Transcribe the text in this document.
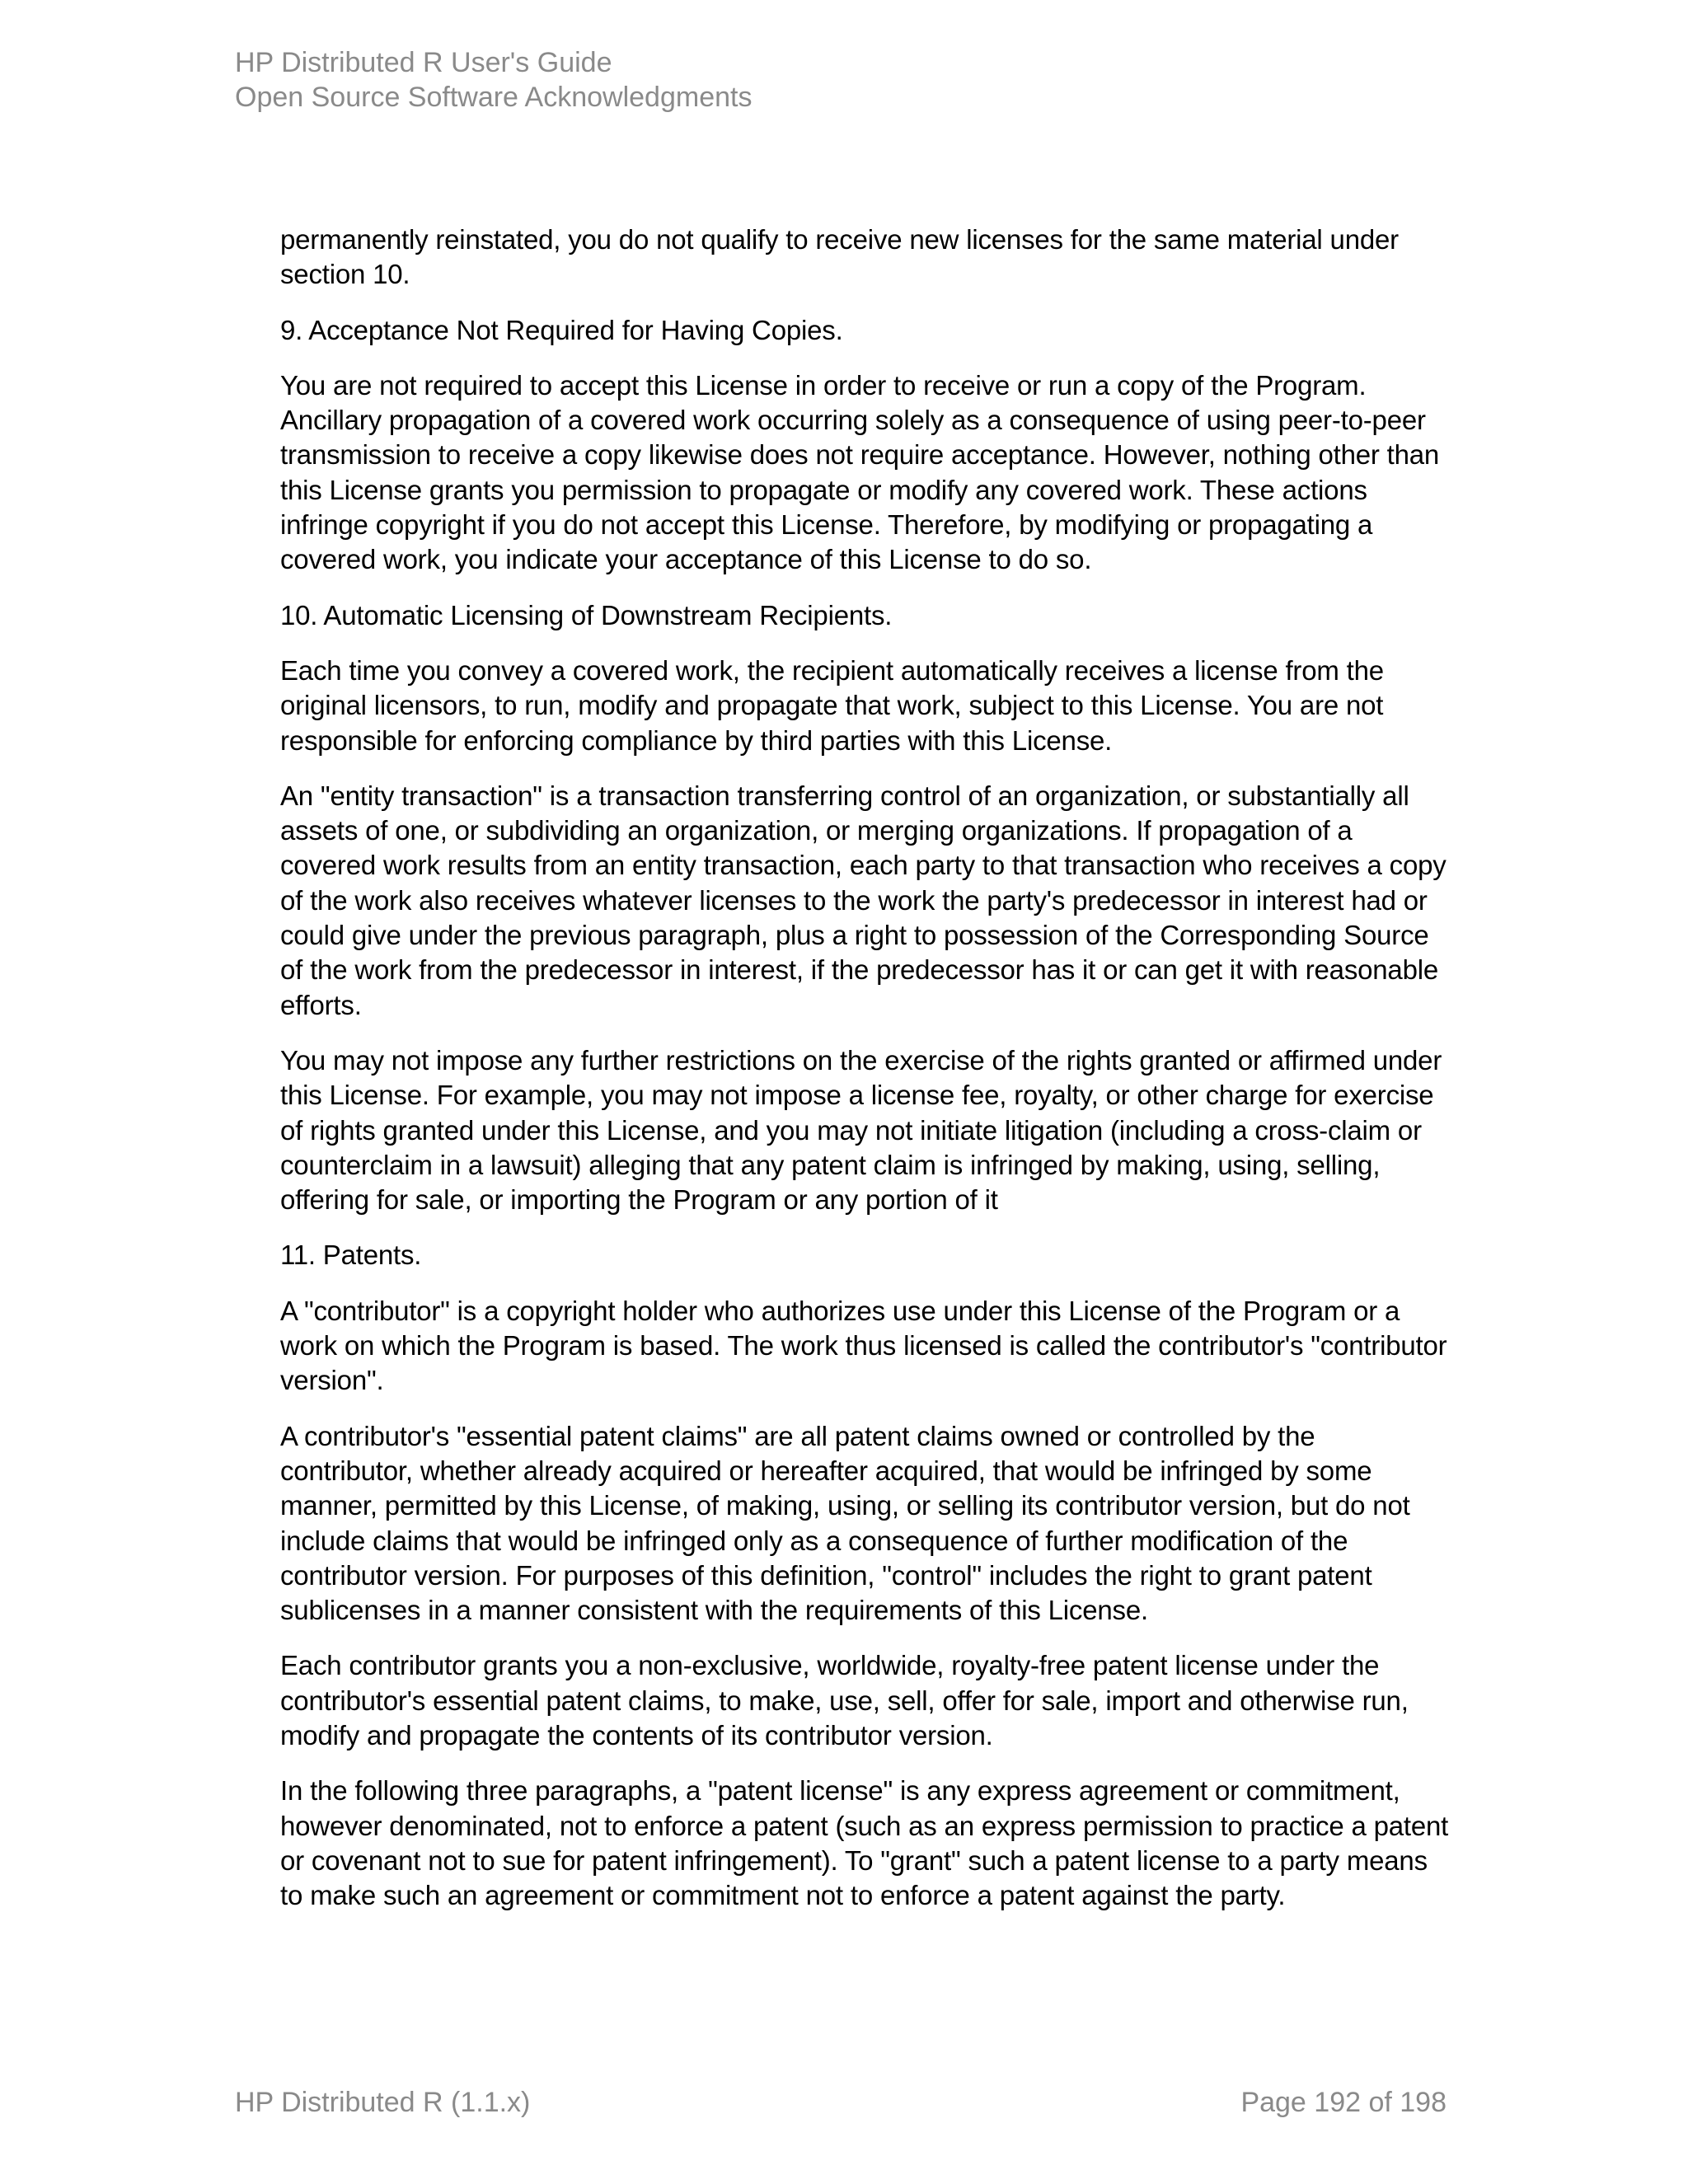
HP Distributed R User's Guide
Open Source Software Acknowledgments

permanently reinstated, you do not qualify to receive new licenses for the same material under section 10.

9. Acceptance Not Required for Having Copies.

You are not required to accept this License in order to receive or run a copy of the Program. Ancillary propagation of a covered work occurring solely as a consequence of using peer-to-peer transmission to receive a copy likewise does not require acceptance. However, nothing other than this License grants you permission to propagate or modify any covered work. These actions infringe copyright if you do not accept this License. Therefore, by modifying or propagating a covered work, you indicate your acceptance of this License to do so.

10. Automatic Licensing of Downstream Recipients.

Each time you convey a covered work, the recipient automatically receives a license from the original licensors, to run, modify and propagate that work, subject to this License. You are not responsible for enforcing compliance by third parties with this License.

An "entity transaction" is a transaction transferring control of an organization, or substantially all assets of one, or subdividing an organization, or merging organizations. If propagation of a covered work results from an entity transaction, each party to that transaction who receives a copy of the work also receives whatever licenses to the work the party's predecessor in interest had or could give under the previous paragraph, plus a right to possession of the Corresponding Source of the work from the predecessor in interest, if the predecessor has it or can get it with reasonable efforts.

You may not impose any further restrictions on the exercise of the rights granted or affirmed under this License. For example, you may not impose a license fee, royalty, or other charge for exercise of rights granted under this License, and you may not initiate litigation (including a cross-claim or counterclaim in a lawsuit) alleging that any patent claim is infringed by making, using, selling, offering for sale, or importing the Program or any portion of it

11. Patents.

A "contributor" is a copyright holder who authorizes use under this License of the Program or a work on which the Program is based. The work thus licensed is called the contributor's "contributor version".

A contributor's "essential patent claims" are all patent claims owned or controlled by the contributor, whether already acquired or hereafter acquired, that would be infringed by some manner, permitted by this License, of making, using, or selling its contributor version, but do not include claims that would be infringed only as a consequence of further modification of the contributor version. For purposes of this definition, "control" includes the right to grant patent sublicenses in a manner consistent with the requirements of this License.

Each contributor grants you a non-exclusive, worldwide, royalty-free patent license under the contributor's essential patent claims, to make, use, sell, offer for sale, import and otherwise run, modify and propagate the contents of its contributor version.

In the following three paragraphs, a "patent license" is any express agreement or commitment, however denominated, not to enforce a patent (such as an express permission to practice a patent or covenant not to sue for patent infringement). To "grant" such a patent license to a party means to make such an agreement or commitment not to enforce a patent against the party.

HP Distributed R (1.1.x)	Page 192 of 198
